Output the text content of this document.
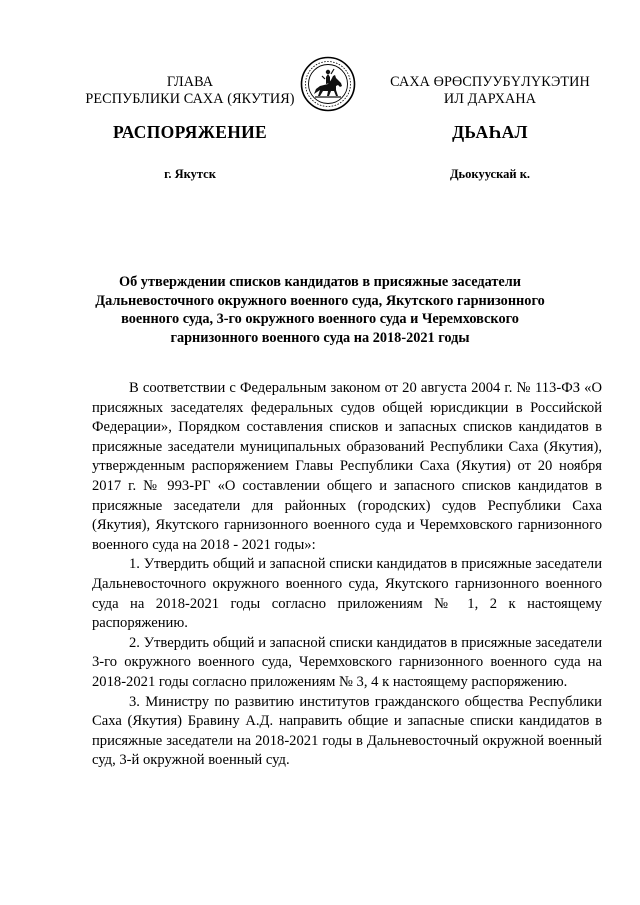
ГЛАВА
РЕСПУБЛИКИ САХА (ЯКУТИЯ)
САХА ӨРӨСПУУБҮЛҮКЭТИН
ИЛ ДАРХАНА
РАСПОРЯЖЕНИЕ	ДЬАҺАЛ
г. Якутск	Дьокуускай к.
Об утверждении списков кандидатов в присяжные заседатели Дальневосточного окружного военного суда, Якутского гарнизонного военного суда, 3-го окружного военного суда и Черемховского гарнизонного военного суда на 2018-2021 годы

В соответствии с Федеральным законом от 20 августа 2004 г. № 113-ФЗ «О присяжных заседателях федеральных судов общей юрисдикции в Российской Федерации», Порядком составления списков и запасных списков кандидатов в присяжные заседатели муниципальных образований Республики Саха (Якутия), утвержденным распоряжением Главы Республики Саха (Якутия) от 20 ноября 2017 г. № 993-РГ «О составлении общего и запасного списков кандидатов в присяжные заседатели для районных (городских) судов Республики Саха (Якутия), Якутского гарнизонного военного суда и Черемховского гарнизонного военного суда на 2018 - 2021 годы»:

1. Утвердить общий и запасной списки кандидатов в присяжные заседатели Дальневосточного окружного военного суда, Якутского гарнизонного военного суда на 2018-2021 годы согласно приложениям № 1, 2 к настоящему распоряжению.

2. Утвердить общий и запасной списки кандидатов в присяжные заседатели 3-го окружного военного суда, Черемховского гарнизонного военного суда на 2018-2021 годы согласно приложениям № 3, 4 к настоящему распоряжению.

3. Министру по развитию институтов гражданского общества Республики Саха (Якутия) Бравину А.Д. направить общие и запасные списки кандидатов в присяжные заседатели на 2018-2021 годы в Дальневосточный окружной военный суд, 3-й окружной военный суд.
